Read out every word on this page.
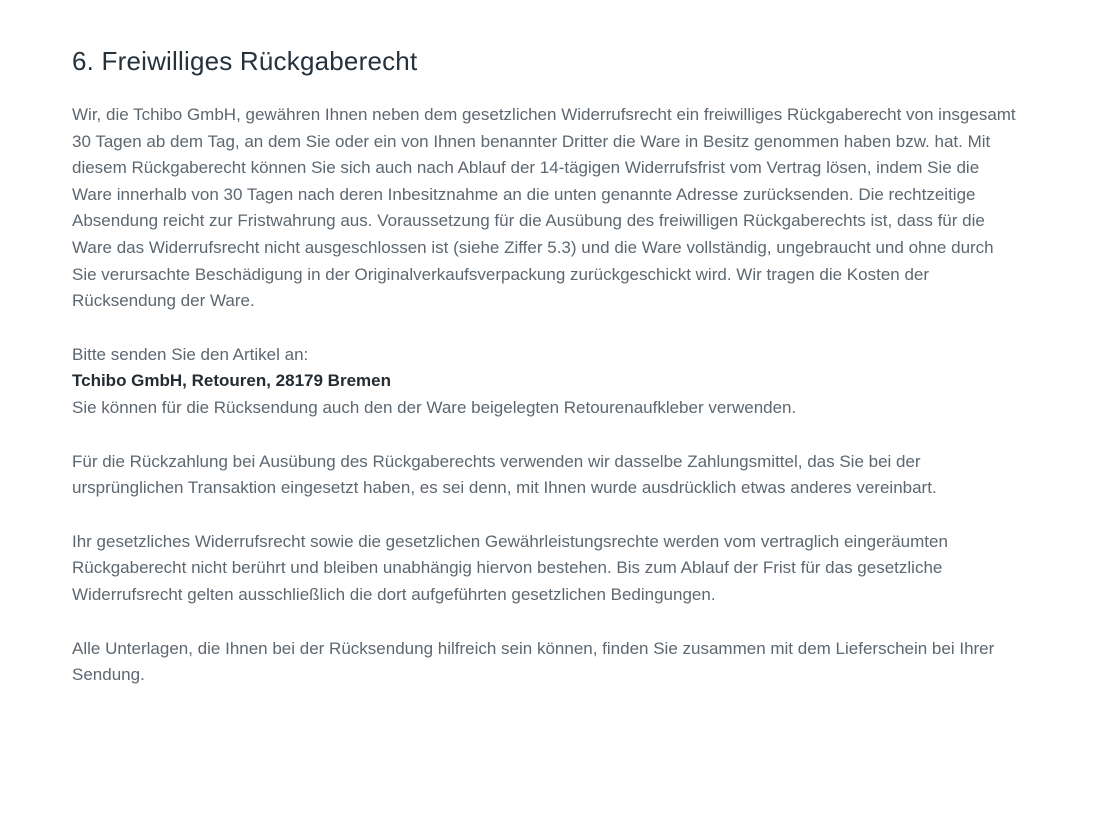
6. Freiwilliges Rückgaberecht

Wir, die Tchibo GmbH, gewähren Ihnen neben dem gesetzlichen Widerrufsrecht ein freiwilliges Rückgaberecht von insgesamt 30 Tagen ab dem Tag, an dem Sie oder ein von Ihnen benannter Dritter die Ware in Besitz genommen haben bzw. hat. Mit diesem Rückgaberecht können Sie sich auch nach Ablauf der 14-tägigen Widerrufsfrist vom Vertrag lösen, indem Sie die Ware innerhalb von 30 Tagen nach deren Inbesitznahme an die unten genannte Adresse zurücksenden. Die rechtzeitige Absendung reicht zur Fristwahrung aus. Voraussetzung für die Ausübung des freiwilligen Rückgaberechts ist, dass für die Ware das Widerrufsrecht nicht ausgeschlossen ist (siehe Ziffer 5.3) und die Ware vollständig, ungebraucht und ohne durch Sie verursachte Beschädigung in der Originalverkaufsverpackung zurückgeschickt wird. Wir tragen die Kosten der Rücksendung der Ware.

Bitte senden Sie den Artikel an:
Tchibo GmbH, Retouren, 28179 Bremen
Sie können für die Rücksendung auch den der Ware beigelegten Retourenaufkleber verwenden.

Für die Rückzahlung bei Ausübung des Rückgaberechts verwenden wir dasselbe Zahlungsmittel, das Sie bei der ursprünglichen Transaktion eingesetzt haben, es sei denn, mit Ihnen wurde ausdrücklich etwas anderes vereinbart.

Ihr gesetzliches Widerrufsrecht sowie die gesetzlichen Gewährleistungsrechte werden vom vertraglich eingeräumten Rückgaberecht nicht berührt und bleiben unabhängig hiervon bestehen. Bis zum Ablauf der Frist für das gesetzliche Widerrufsrecht gelten ausschließlich die dort aufgeführten gesetzlichen Bedingungen.

Alle Unterlagen, die Ihnen bei der Rücksendung hilfreich sein können, finden Sie zusammen mit dem Lieferschein bei Ihrer Sendung.
